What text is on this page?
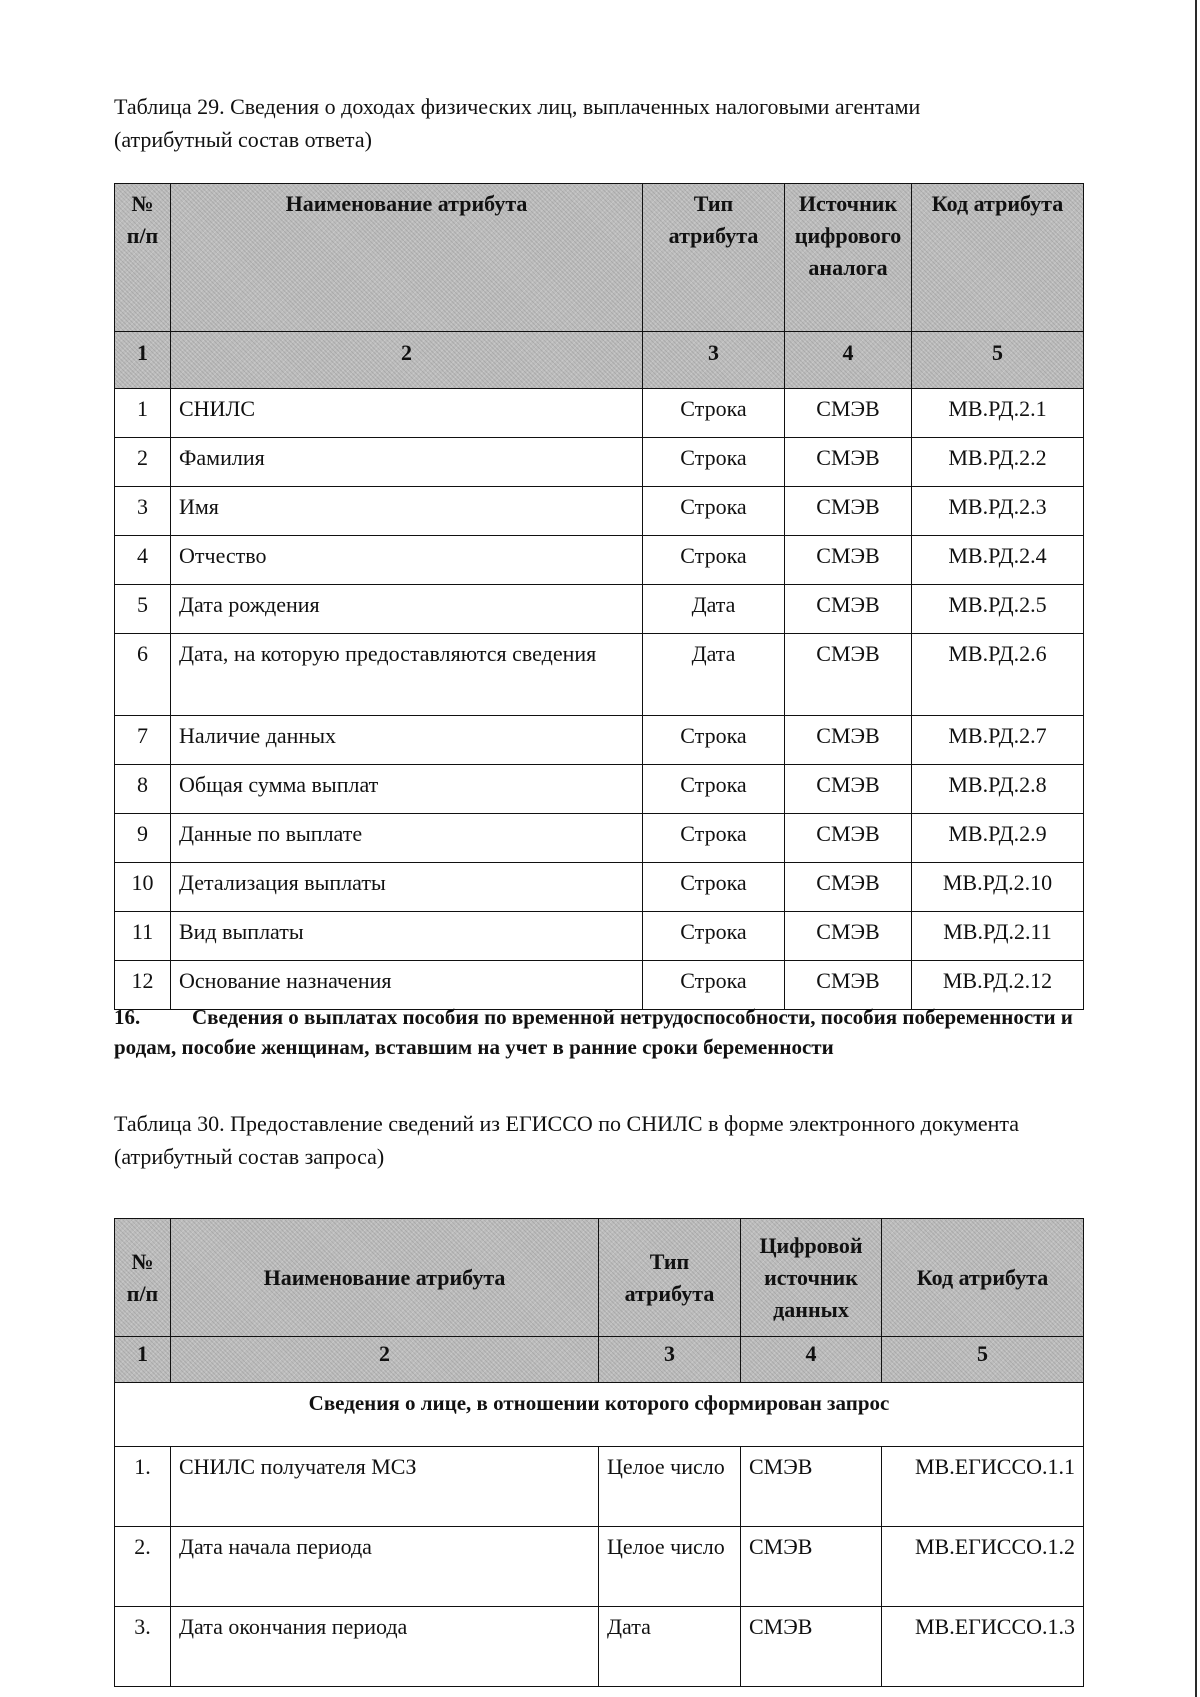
Таблица 29. Сведения о доходах физических лиц, выплаченных налоговыми агентами (атрибутный состав ответа)
№ п/п	Наименование атрибута	Тип атрибута	Источник цифрового аналога	Код атрибута
1	2	3	4	5
1	СНИЛС	Строка	СМЭВ	МВ.РД.2.1
2	Фамилия	Строка	СМЭВ	МВ.РД.2.2
3	Имя	Строка	СМЭВ	МВ.РД.2.3
4	Отчество	Строка	СМЭВ	МВ.РД.2.4
5	Дата рождения	Дата	СМЭВ	МВ.РД.2.5
6	Дата, на которую предоставляются сведения	Дата	СМЭВ	МВ.РД.2.6
7	Наличие данных	Строка	СМЭВ	МВ.РД.2.7
8	Общая сумма выплат	Строка	СМЭВ	МВ.РД.2.8
9	Данные по выплате	Строка	СМЭВ	МВ.РД.2.9
10	Детализация выплаты	Строка	СМЭВ	МВ.РД.2.10
11	Вид выплаты	Строка	СМЭВ	МВ.РД.2.11
12	Основание назначения	Строка	СМЭВ	МВ.РД.2.12
16. Сведения о выплатах пособия по временной нетрудоспособности, пособия побеременности и родам, пособие женщинам, вставшим на учет в ранние сроки беременности
Таблица 30. Предоставление сведений из ЕГИССО по СНИЛС в форме электронного документа (атрибутный состав запроса)
№ п/п	Наименование атрибута	Тип атрибута	Цифровой источник данных	Код атрибута
1	2	3	4	5
Сведения о лице, в отношении которого сформирован запрос				
1.	СНИЛС получателя МСЗ	Целое число	СМЭВ	МВ.ЕГИССО.1.1
2.	Дата начала периода	Целое число	СМЭВ	МВ.ЕГИССО.1.2
3.	Дата окончания периода	Дата	СМЭВ	МВ.ЕГИССО.1.3
